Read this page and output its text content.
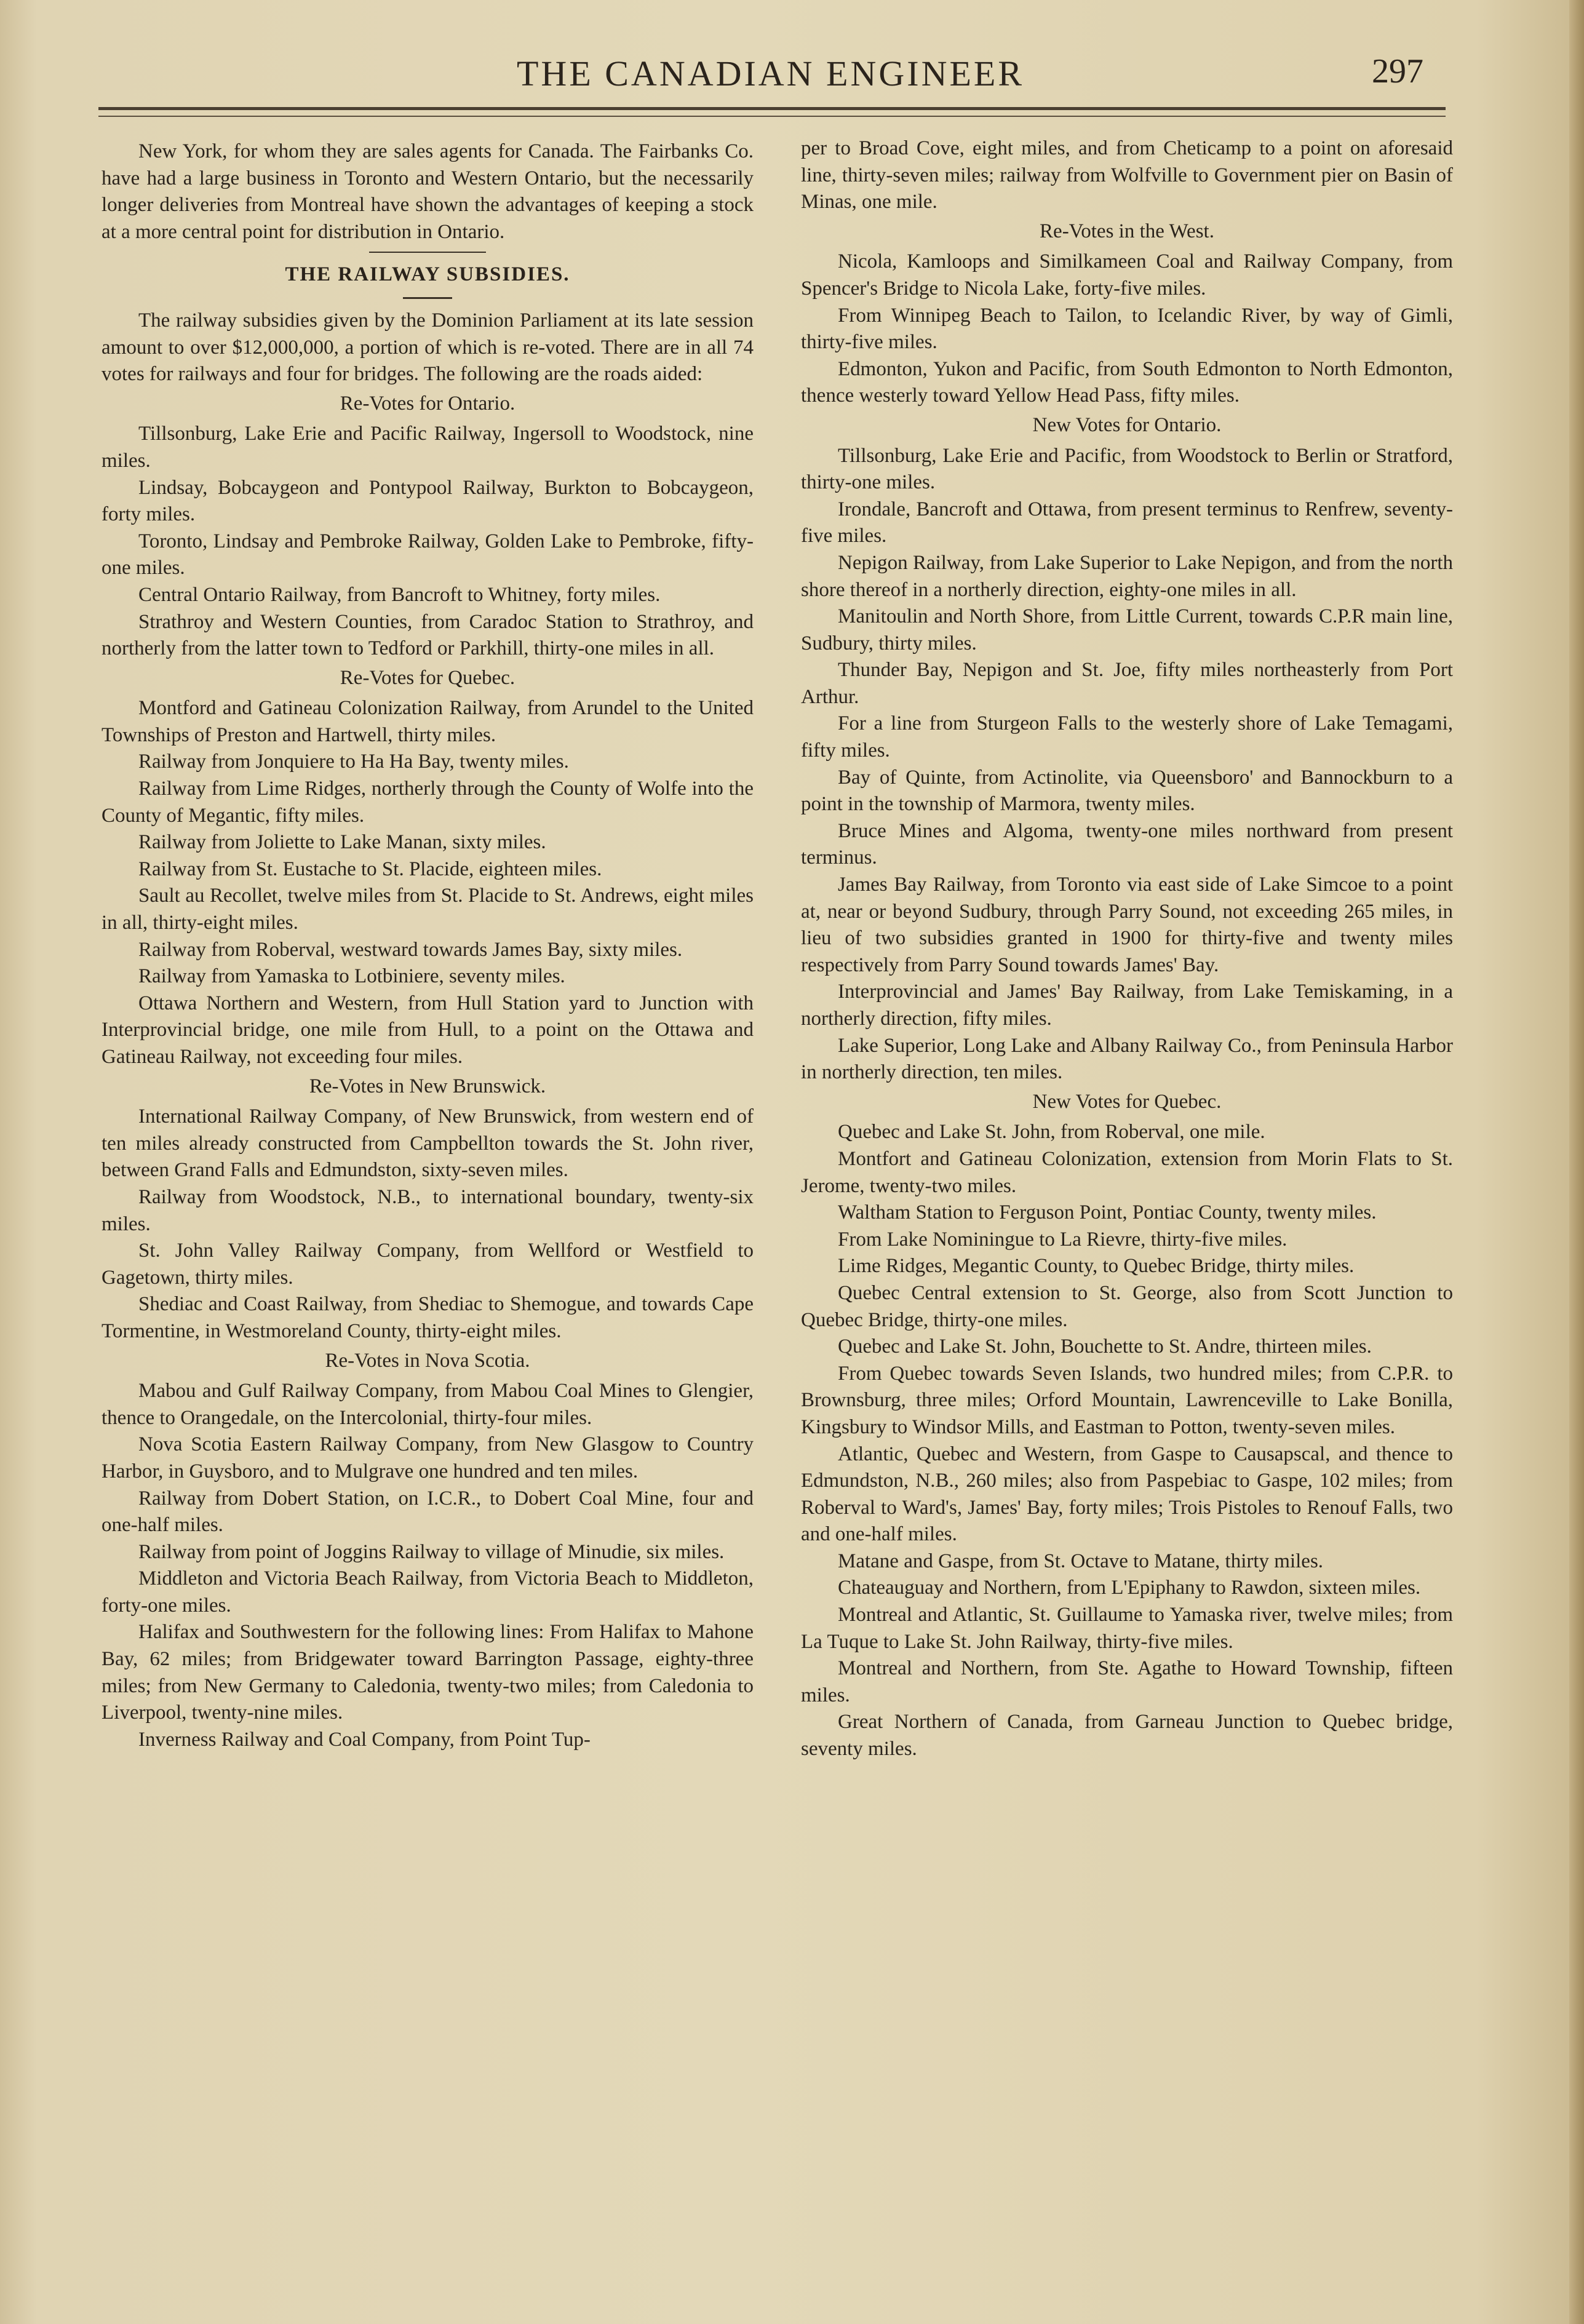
THE CANADIAN ENGINEER	297

New York, for whom they are sales agents for Canada. The Fairbanks Co. have had a large business in Toronto and Western Ontario, but the necessarily longer deliveries from Montreal have shown the advantages of keeping a stock at a more central point for distribution in Ontario.

THE RAILWAY SUBSIDIES.

The railway subsidies given by the Dominion Parliament at its late session amount to over $12,000,000, a portion of which is re-voted. There are in all 74 votes for railways and four for bridges. The following are the roads aided:

Re-Votes for Ontario.

Tillsonburg, Lake Erie and Pacific Railway, Ingersoll to Woodstock, nine miles.

Lindsay, Bobcaygeon and Pontypool Railway, Burkton to Bobcaygeon, forty miles.

Toronto, Lindsay and Pembroke Railway, Golden Lake to Pembroke, fifty-one miles.

Central Ontario Railway, from Bancroft to Whitney, forty miles.

Strathroy and Western Counties, from Caradoc Station to Strathroy, and northerly from the latter town to Tedford or Parkhill, thirty-one miles in all.

Re-Votes for Quebec.

Montford and Gatineau Colonization Railway, from Arundel to the United Townships of Preston and Hartwell, thirty miles.

Railway from Jonquiere to Ha Ha Bay, twenty miles.

Railway from Lime Ridges, northerly through the County of Wolfe into the County of Megantic, fifty miles.

Railway from Joliette to Lake Manan, sixty miles.

Railway from St. Eustache to St. Placide, eighteen miles.

Sault au Recollet, twelve miles from St. Placide to St. Andrews, eight miles in all, thirty-eight miles.

Railway from Roberval, westward towards James Bay, sixty miles.

Railway from Yamaska to Lotbiniere, seventy miles.

Ottawa Northern and Western, from Hull Station yard to Junction with Interprovincial bridge, one mile from Hull, to a point on the Ottawa and Gatineau Railway, not exceeding four miles.

Re-Votes in New Brunswick.

International Railway Company, of New Brunswick, from western end of ten miles already constructed from Campbellton towards the St. John river, between Grand Falls and Edmundston, sixty-seven miles.

Railway from Woodstock, N.B., to international boundary, twenty-six miles.

St. John Valley Railway Company, from Wellford or Westfield to Gagetown, thirty miles.

Shediac and Coast Railway, from Shediac to Shemogue, and towards Cape Tormentine, in Westmoreland County, thirty-eight miles.

Re-Votes in Nova Scotia.

Mabou and Gulf Railway Company, from Mabou Coal Mines to Glengier, thence to Orangedale, on the Intercolonial, thirty-four miles.

Nova Scotia Eastern Railway Company, from New Glasgow to Country Harbor, in Guysboro, and to Mulgrave one hundred and ten miles.

Railway from Dobert Station, on I.C.R., to Dobert Coal Mine, four and one-half miles.

Railway from point of Joggins Railway to village of Minudie, six miles.

Middleton and Victoria Beach Railway, from Victoria Beach to Middleton, forty-one miles.

Halifax and Southwestern for the following lines: From Halifax to Mahone Bay, 62 miles; from Bridgewater toward Barrington Passage, eighty-three miles; from New Germany to Caledonia, twenty-two miles; from Caledonia to Liverpool, twenty-nine miles.

Inverness Railway and Coal Company, from Point Tup-

per to Broad Cove, eight miles, and from Cheticamp to a point on aforesaid line, thirty-seven miles; railway from Wolfville to Government pier on Basin of Minas, one mile.

Re-Votes in the West.

Nicola, Kamloops and Similkameen Coal and Railway Company, from Spencer's Bridge to Nicola Lake, forty-five miles.

From Winnipeg Beach to Tailon, to Icelandic River, by way of Gimli, thirty-five miles.

Edmonton, Yukon and Pacific, from South Edmonton to North Edmonton, thence westerly toward Yellow Head Pass, fifty miles.

New Votes for Ontario.

Tillsonburg, Lake Erie and Pacific, from Woodstock to Berlin or Stratford, thirty-one miles.

Irondale, Bancroft and Ottawa, from present terminus to Renfrew, seventy-five miles.

Nepigon Railway, from Lake Superior to Lake Nepigon, and from the north shore thereof in a northerly direction, eighty-one miles in all.

Manitoulin and North Shore, from Little Current, towards C.P.R main line, Sudbury, thirty miles.

Thunder Bay, Nepigon and St. Joe, fifty miles northeasterly from Port Arthur.

For a line from Sturgeon Falls to the westerly shore of Lake Temagami, fifty miles.

Bay of Quinte, from Actinolite, via Queensboro' and Bannockburn to a point in the township of Marmora, twenty miles.

Bruce Mines and Algoma, twenty-one miles northward from present terminus.

James Bay Railway, from Toronto via east side of Lake Simcoe to a point at, near or beyond Sudbury, through Parry Sound, not exceeding 265 miles, in lieu of two subsidies granted in 1900 for thirty-five and twenty miles respectively from Parry Sound towards James' Bay.

Interprovincial and James' Bay Railway, from Lake Temiskaming, in a northerly direction, fifty miles.

Lake Superior, Long Lake and Albany Railway Co., from Peninsula Harbor in northerly direction, ten miles.

New Votes for Quebec.

Quebec and Lake St. John, from Roberval, one mile.

Montfort and Gatineau Colonization, extension from Morin Flats to St. Jerome, twenty-two miles.

Waltham Station to Ferguson Point, Pontiac County, twenty miles.

From Lake Nominingue to La Rievre, thirty-five miles.

Lime Ridges, Megantic County, to Quebec Bridge, thirty miles.

Quebec Central extension to St. George, also from Scott Junction to Quebec Bridge, thirty-one miles.

Quebec and Lake St. John, Bouchette to St. Andre, thirteen miles.

From Quebec towards Seven Islands, two hundred miles; from C.P.R. to Brownsburg, three miles; Orford Mountain, Lawrenceville to Lake Bonilla, Kingsbury to Windsor Mills, and Eastman to Potton, twenty-seven miles.

Atlantic, Quebec and Western, from Gaspe to Causapscal, and thence to Edmundston, N.B., 260 miles; also from Paspebiac to Gaspe, 102 miles; from Roberval to Ward's, James' Bay, forty miles; Trois Pistoles to Renouf Falls, two and one-half miles.

Matane and Gaspe, from St. Octave to Matane, thirty miles.

Chateauguay and Northern, from L'Epiphany to Rawdon, sixteen miles.

Montreal and Atlantic, St. Guillaume to Yamaska river, twelve miles; from La Tuque to Lake St. John Railway, thirty-five miles.

Montreal and Northern, from Ste. Agathe to Howard Township, fifteen miles.

Great Northern of Canada, from Garneau Junction to Quebec bridge, seventy miles.
